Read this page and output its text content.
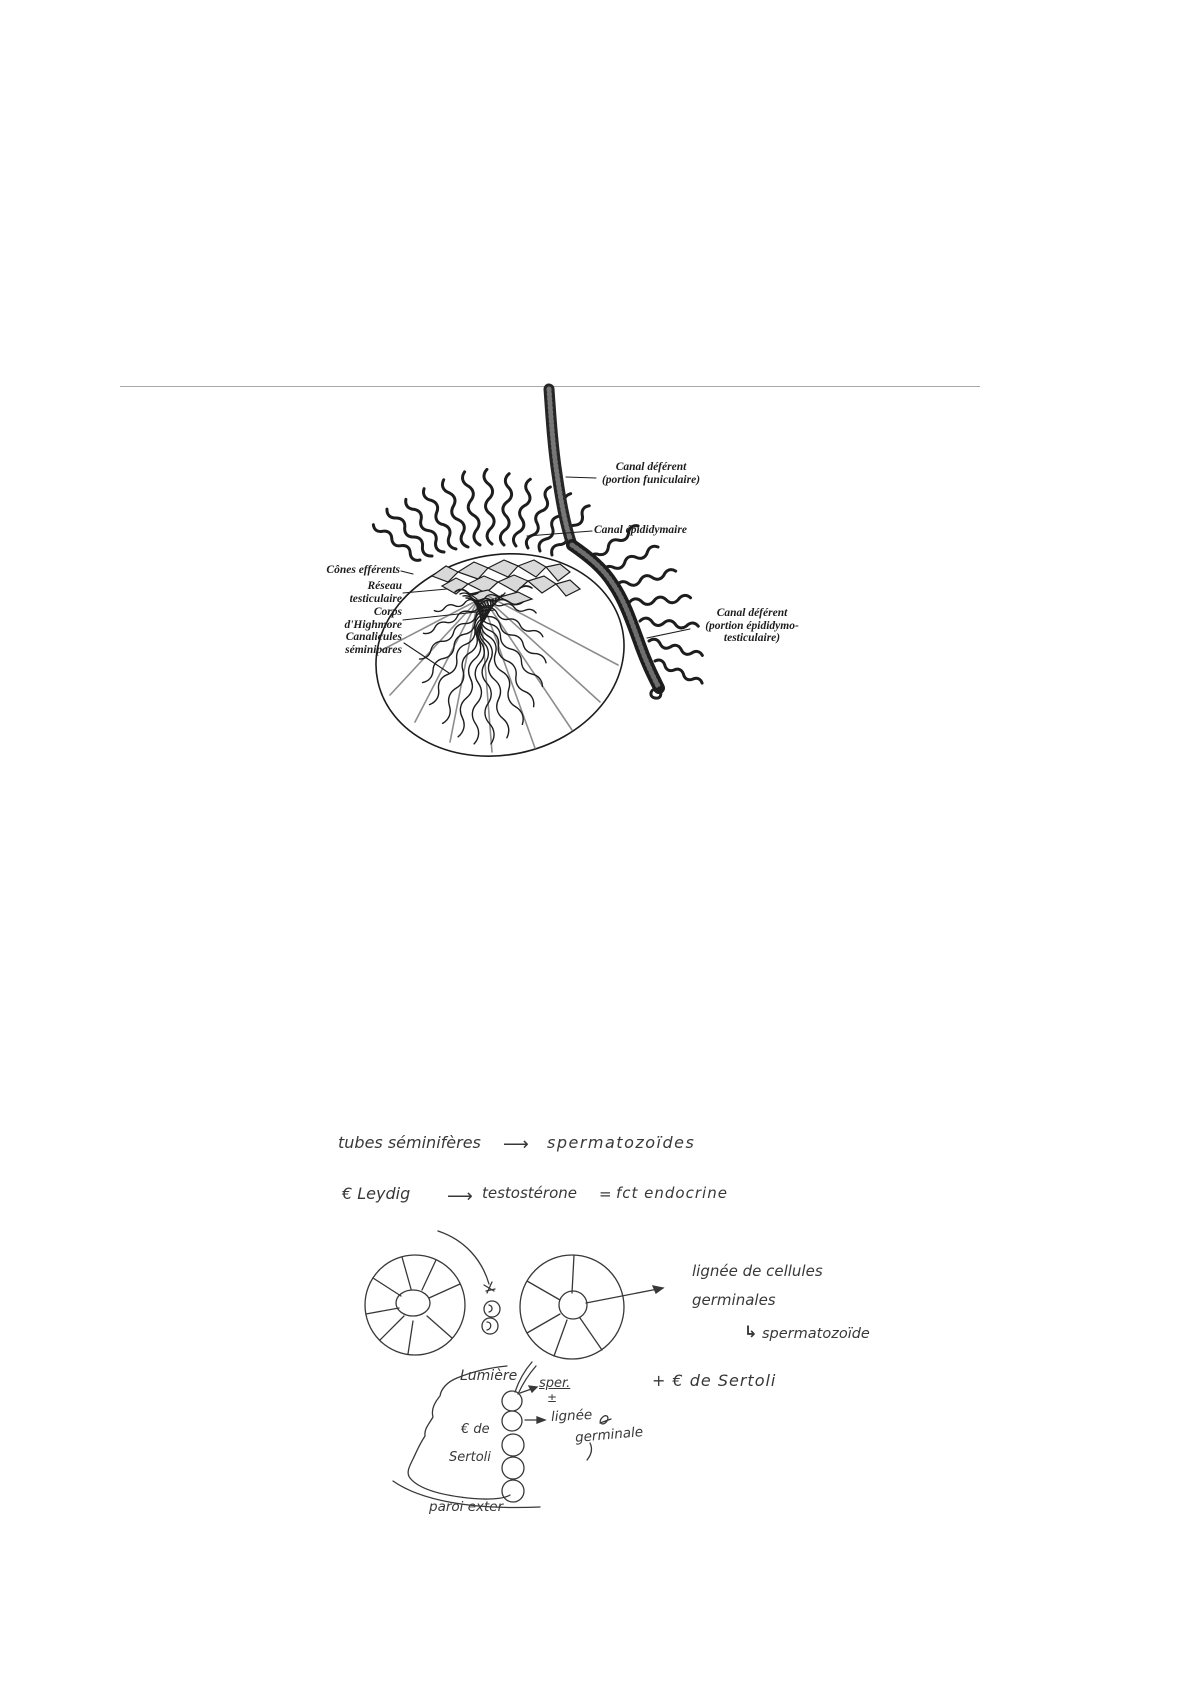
Canal déférent
(portion funiculaire)
Canal épididymaire
Cônes efférents
Réseau
testiculaire
Corps
d'Highmore
Canalicules
séminipares
Canal déférent
(portion épididymo-
testiculaire)
tubes séminifères ⟶ spermatozoïdes
€ Leydig ⟶ testostérone = fct endocrine
lignée de cellules
germinales
↳ spermatozoïde
+ € de Sertoli
Lumière sper.
±
€ de
Sertoli
lignée
germinale
paroi exter
